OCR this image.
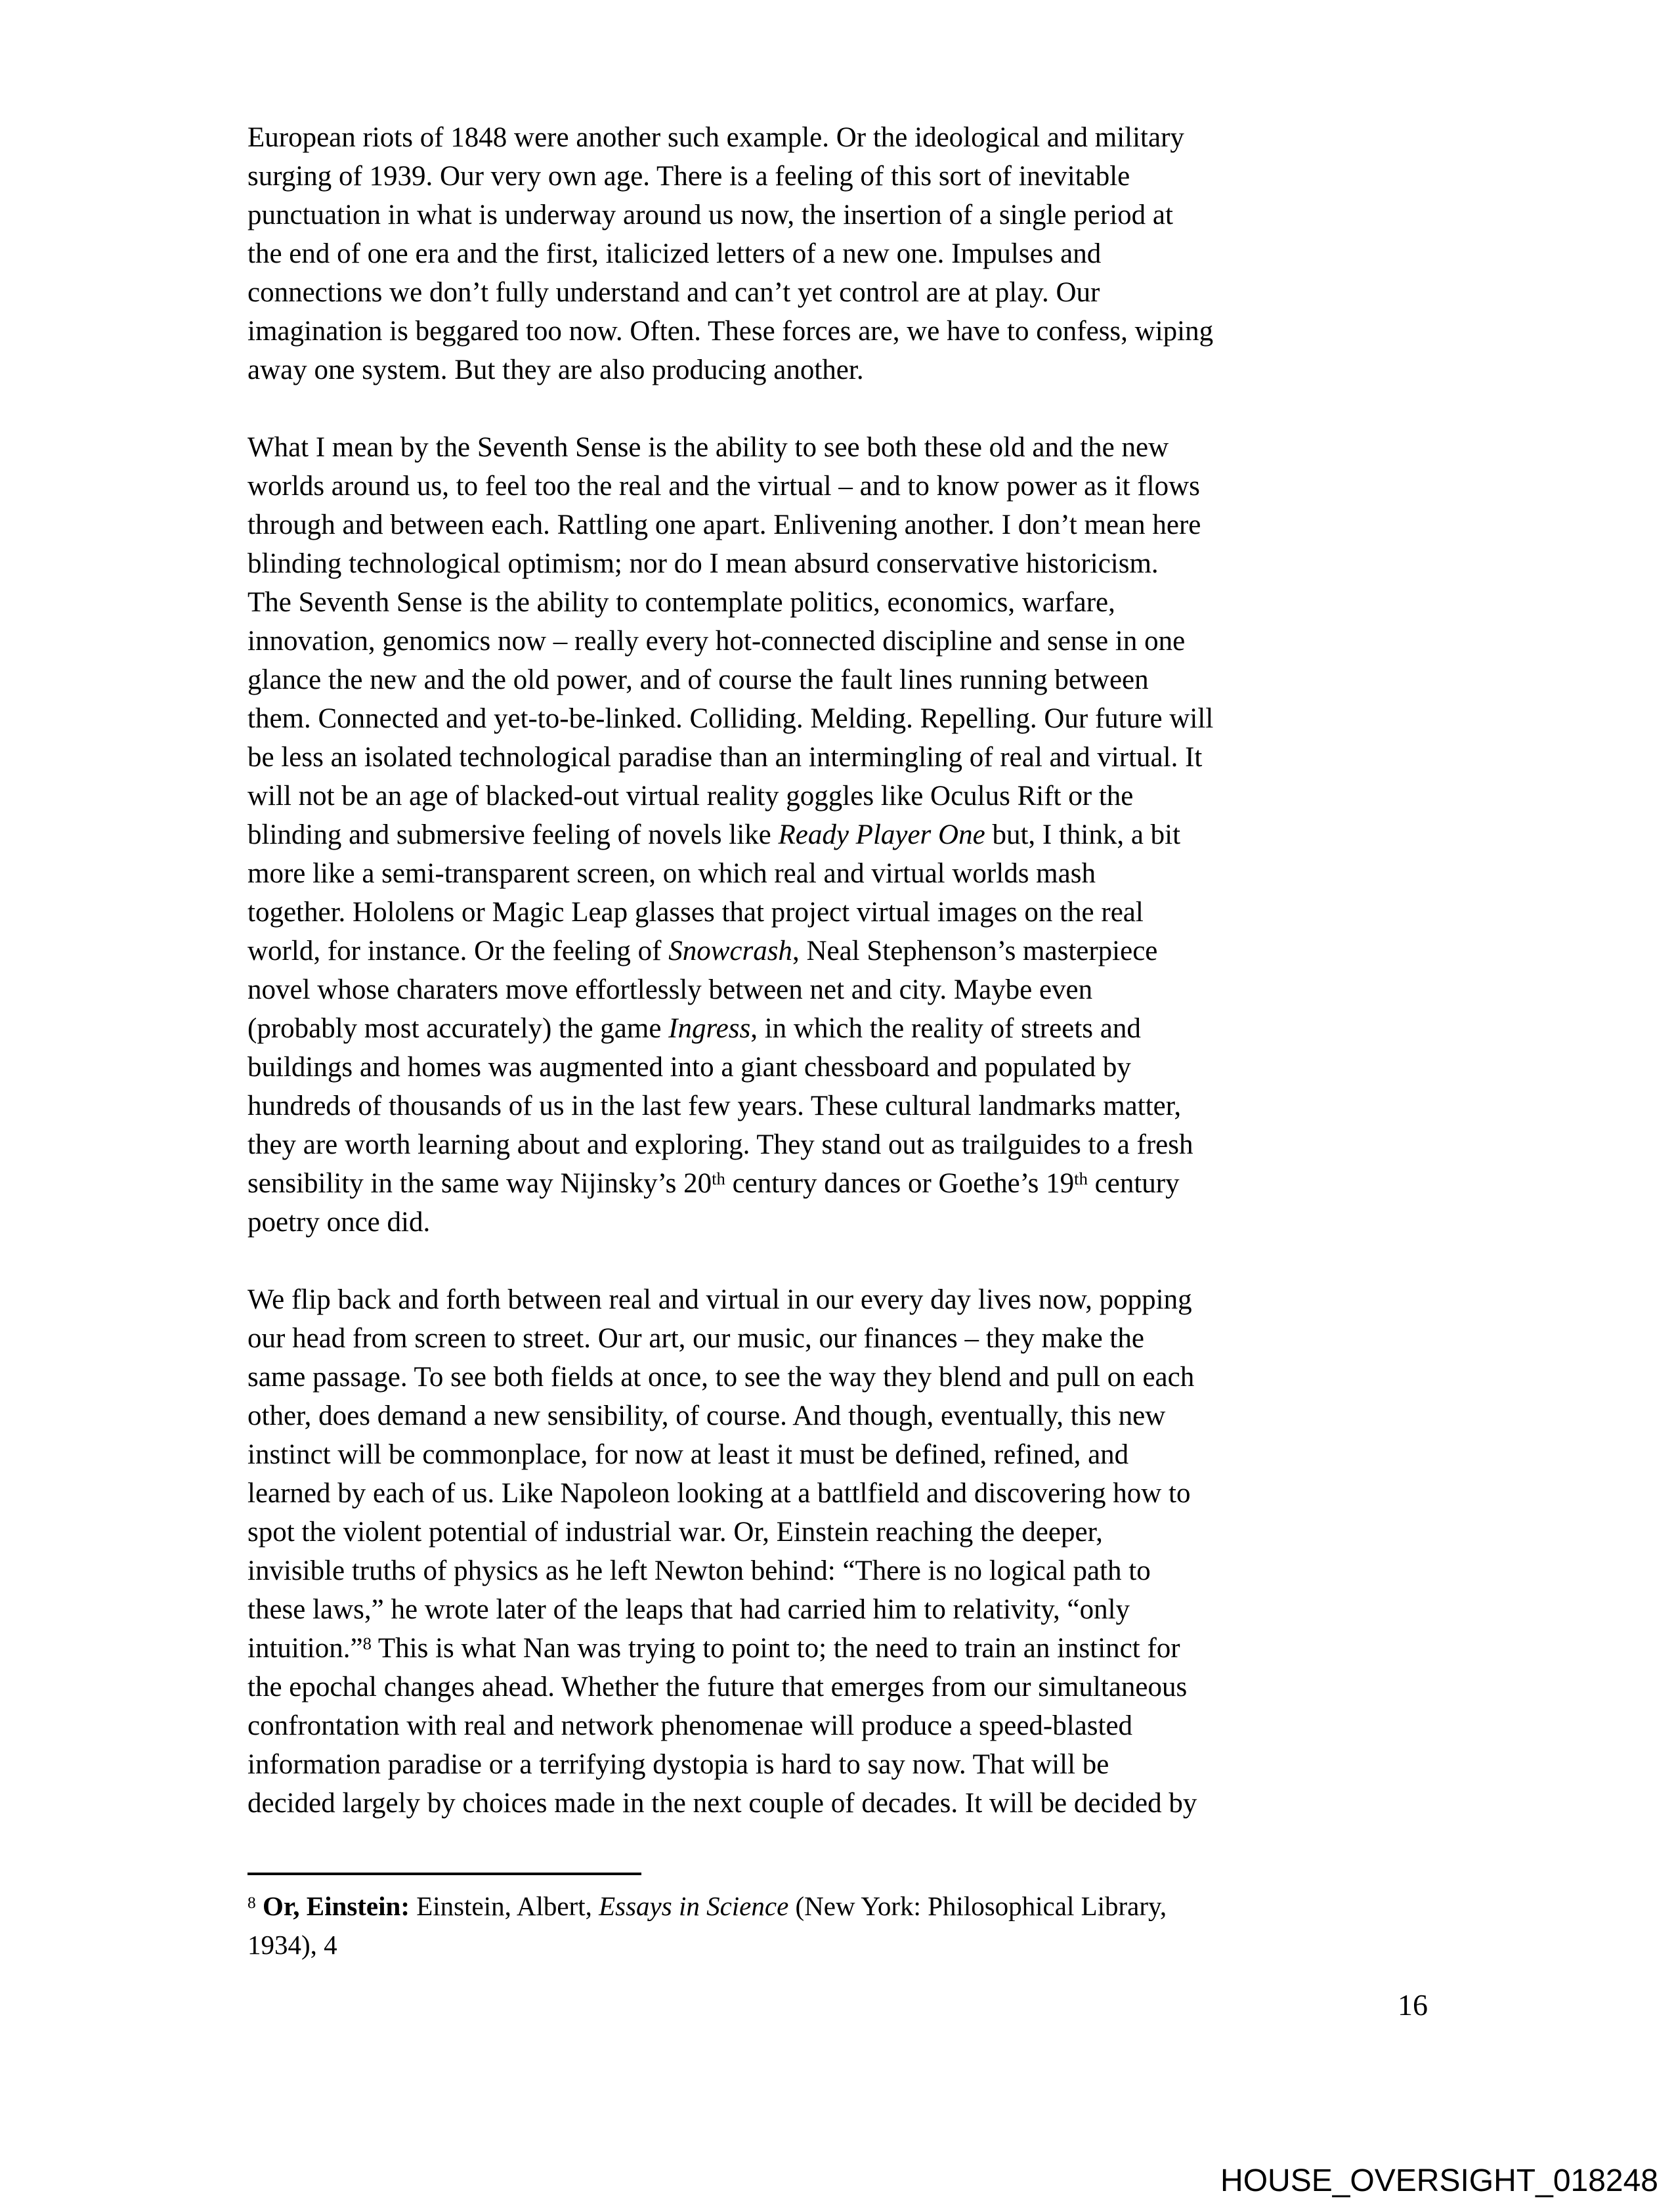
European riots of 1848 were another such example. Or the ideological and military
surging of 1939. Our very own age. There is a feeling of this sort of inevitable
punctuation in what is underway around us now, the insertion of a single period at
the end of one era and the first, italicized letters of a new one. Impulses and
connections we don’t fully understand and can’t yet control are at play. Our
imagination is beggared too now. Often. These forces are, we have to confess, wiping
away one system. But they are also producing another.
What I mean by the Seventh Sense is the ability to see both these old and the new
worlds around us, to feel too the real and the virtual – and to know power as it flows
through and between each. Rattling one apart. Enlivening another. I don’t mean here
blinding technological optimism; nor do I mean absurd conservative historicism.
The Seventh Sense is the ability to contemplate politics, economics, warfare,
innovation, genomics now – really every hot-connected discipline and sense in one
glance the new and the old power, and of course the fault lines running between
them. Connected and yet-to-be-linked. Colliding. Melding. Repelling. Our future will
be less an isolated technological paradise than an intermingling of real and virtual. It
will not be an age of blacked-out virtual reality goggles like Oculus Rift or the
blinding and submersive feeling of novels like Ready Player One but, I think, a bit
more like a semi-transparent screen, on which real and virtual worlds mash
together. Hololens or Magic Leap glasses that project virtual images on the real
world, for instance. Or the feeling of Snowcrash, Neal Stephenson’s masterpiece
novel whose charaters move effortlessly between net and city. Maybe even
(probably most accurately) the game Ingress, in which the reality of streets and
buildings and homes was augmented into a giant chessboard and populated by
hundreds of thousands of us in the last few years. These cultural landmarks matter,
they are worth learning about and exploring. They stand out as trailguides to a fresh
sensibility in the same way Nijinsky’s 20th century dances or Goethe’s 19th century
poetry once did.
We flip back and forth between real and virtual in our every day lives now, popping
our head from screen to street. Our art, our music, our finances – they make the
same passage. To see both fields at once, to see the way they blend and pull on each
other, does demand a new sensibility, of course. And though, eventually, this new
instinct will be commonplace, for now at least it must be defined, refined, and
learned by each of us. Like Napoleon looking at a battlfield and discovering how to
spot the violent potential of industrial war. Or, Einstein reaching the deeper,
invisible truths of physics as he left Newton behind: “There is no logical path to
these laws,” he wrote later of the leaps that had carried him to relativity, “only
intuition.”$^8$ This is what Nan was trying to point to; the need to train an instinct for
the epochal changes ahead. Whether the future that emerges from our simultaneous
confrontation with real and network phenomenae will produce a speed-blasted
information paradise or a terrifying dystopia is hard to say now. That will be
decided largely by choices made in the next couple of decades. It will be decided by
$^8$ Or, Einstein: Einstein, Albert, Essays in Science (New York: Philosophical Library,
1934), 4
16
HOUSE_OVERSIGHT_018248
